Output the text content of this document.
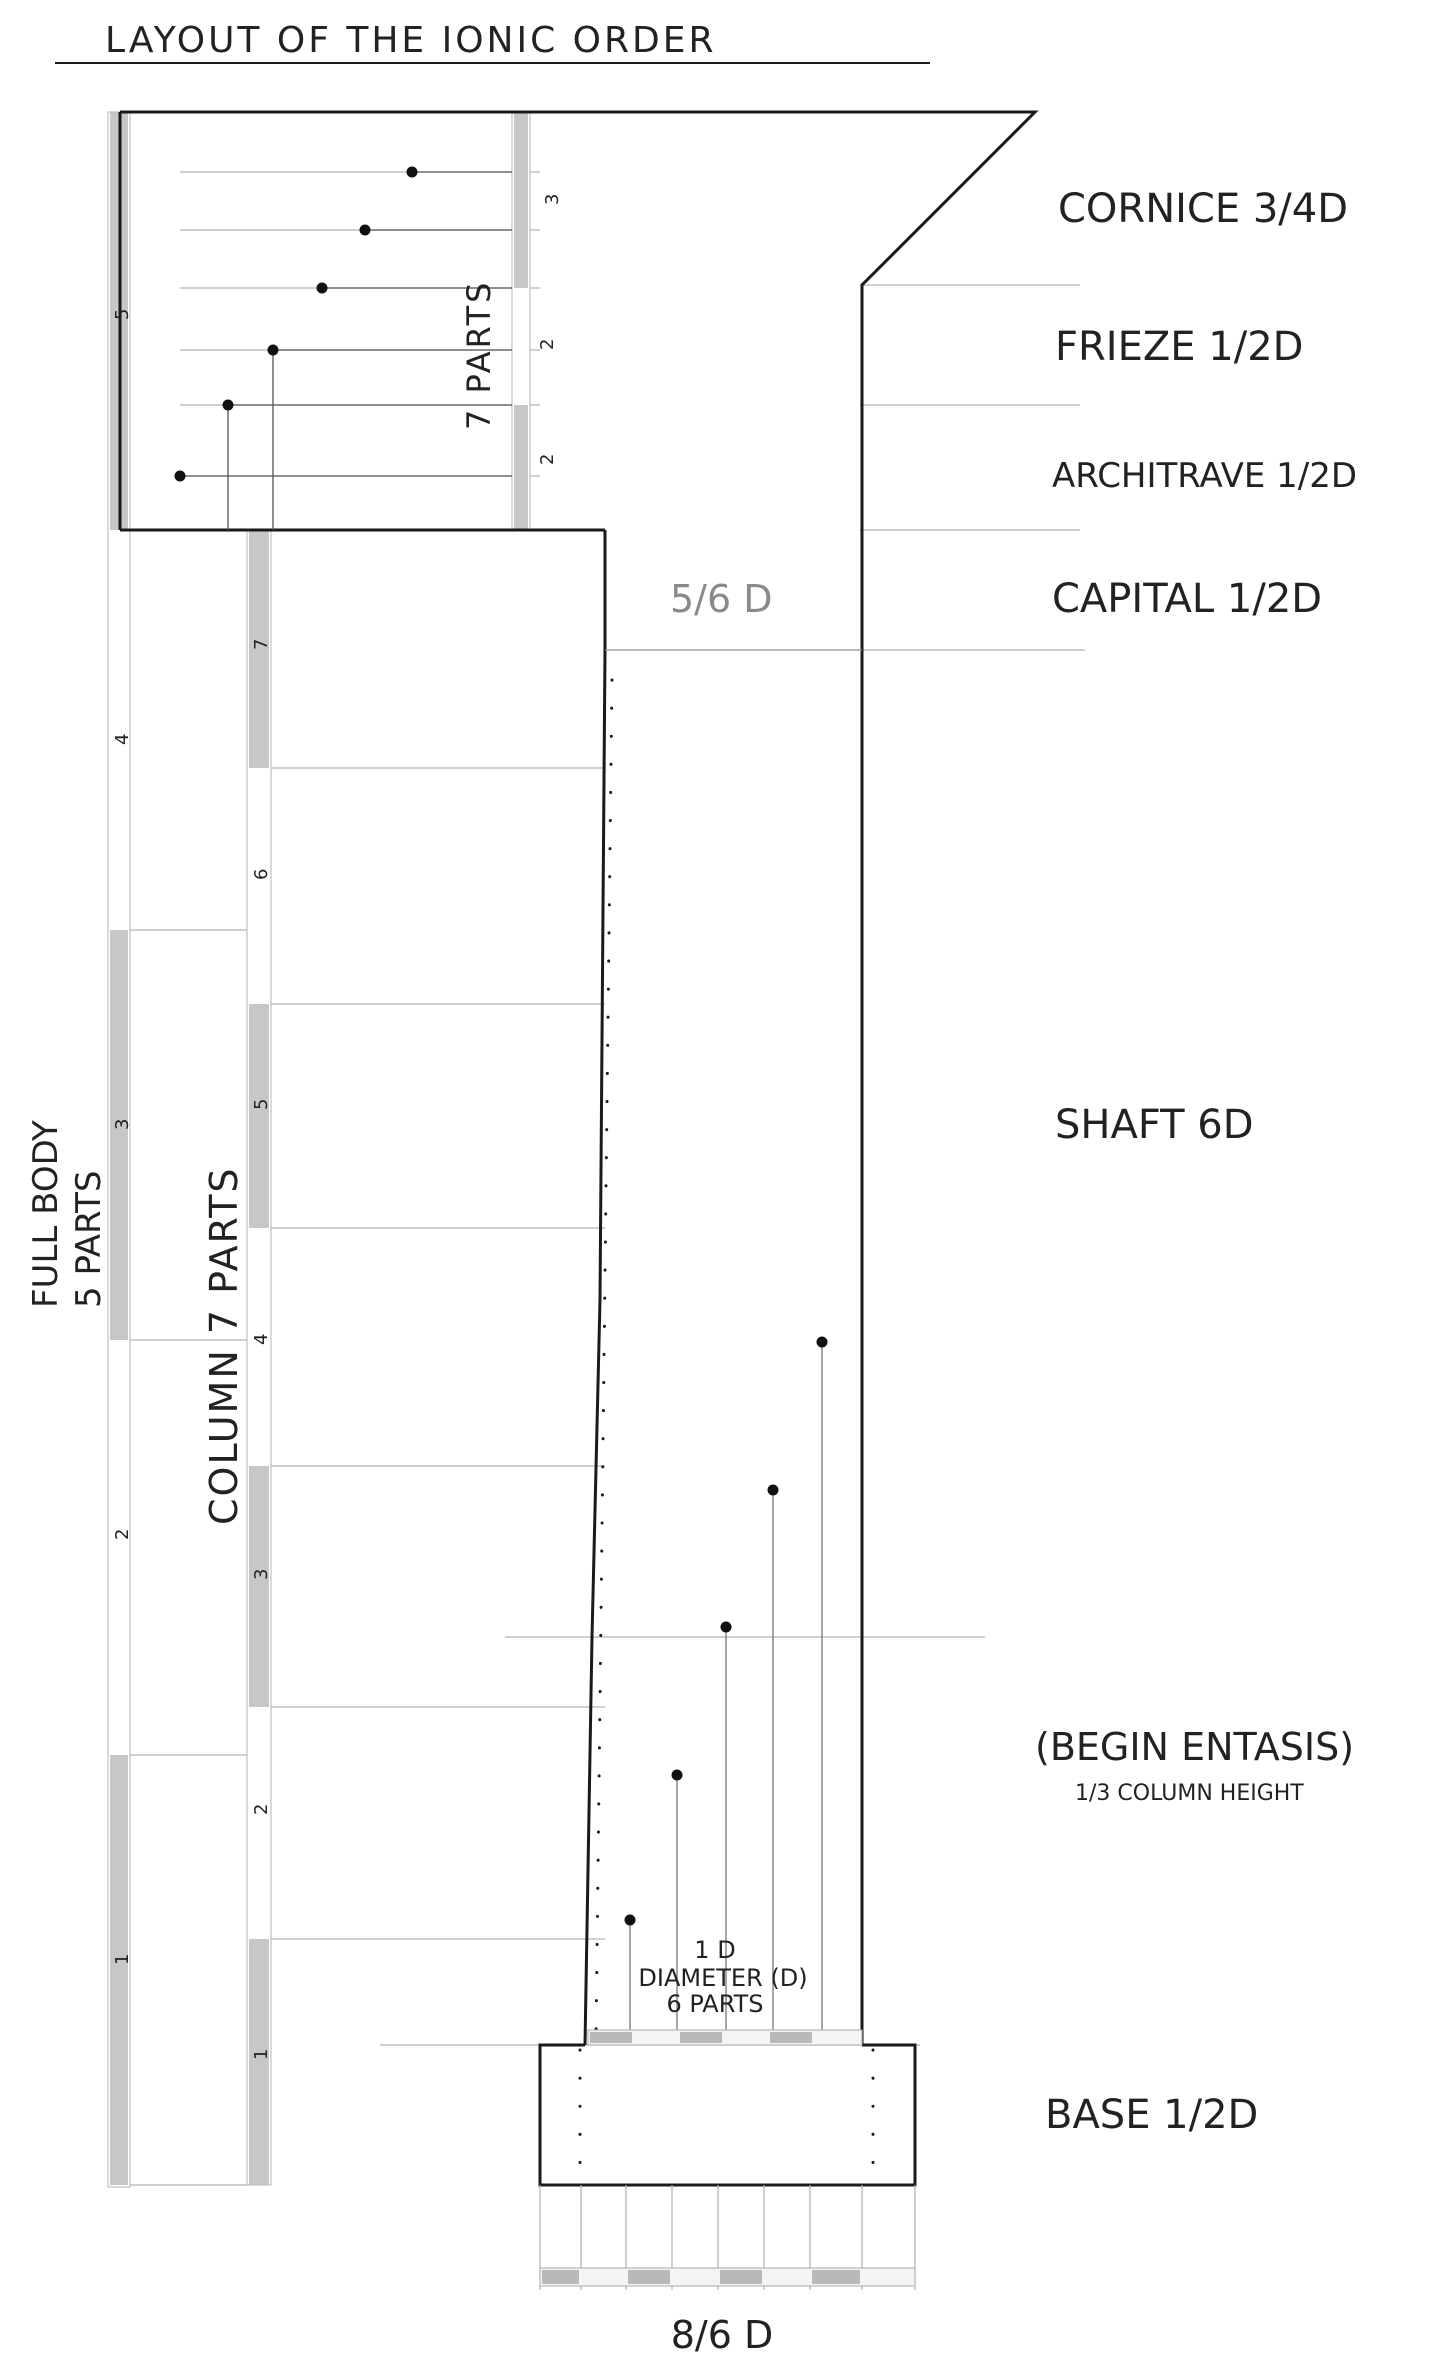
LAYOUT OF THE IONIC ORDER
5
4
3
2
1
7
6
5
4
3
2
1
3
2
2
5/6 D
7 PARTS
FULL BODY 5 PARTS COLUMN 7 PARTS
1 D
DIAMETER (D)
6 PARTS
8/6 D
CORNICE 3/4D
FRIEZE 1/2D
ARCHITRAVE 1/2D
CAPITAL 1/2D
SHAFT 6D
(BEGIN ENTASIS)
1/3 COLUMN HEIGHT
BASE 1/2D
